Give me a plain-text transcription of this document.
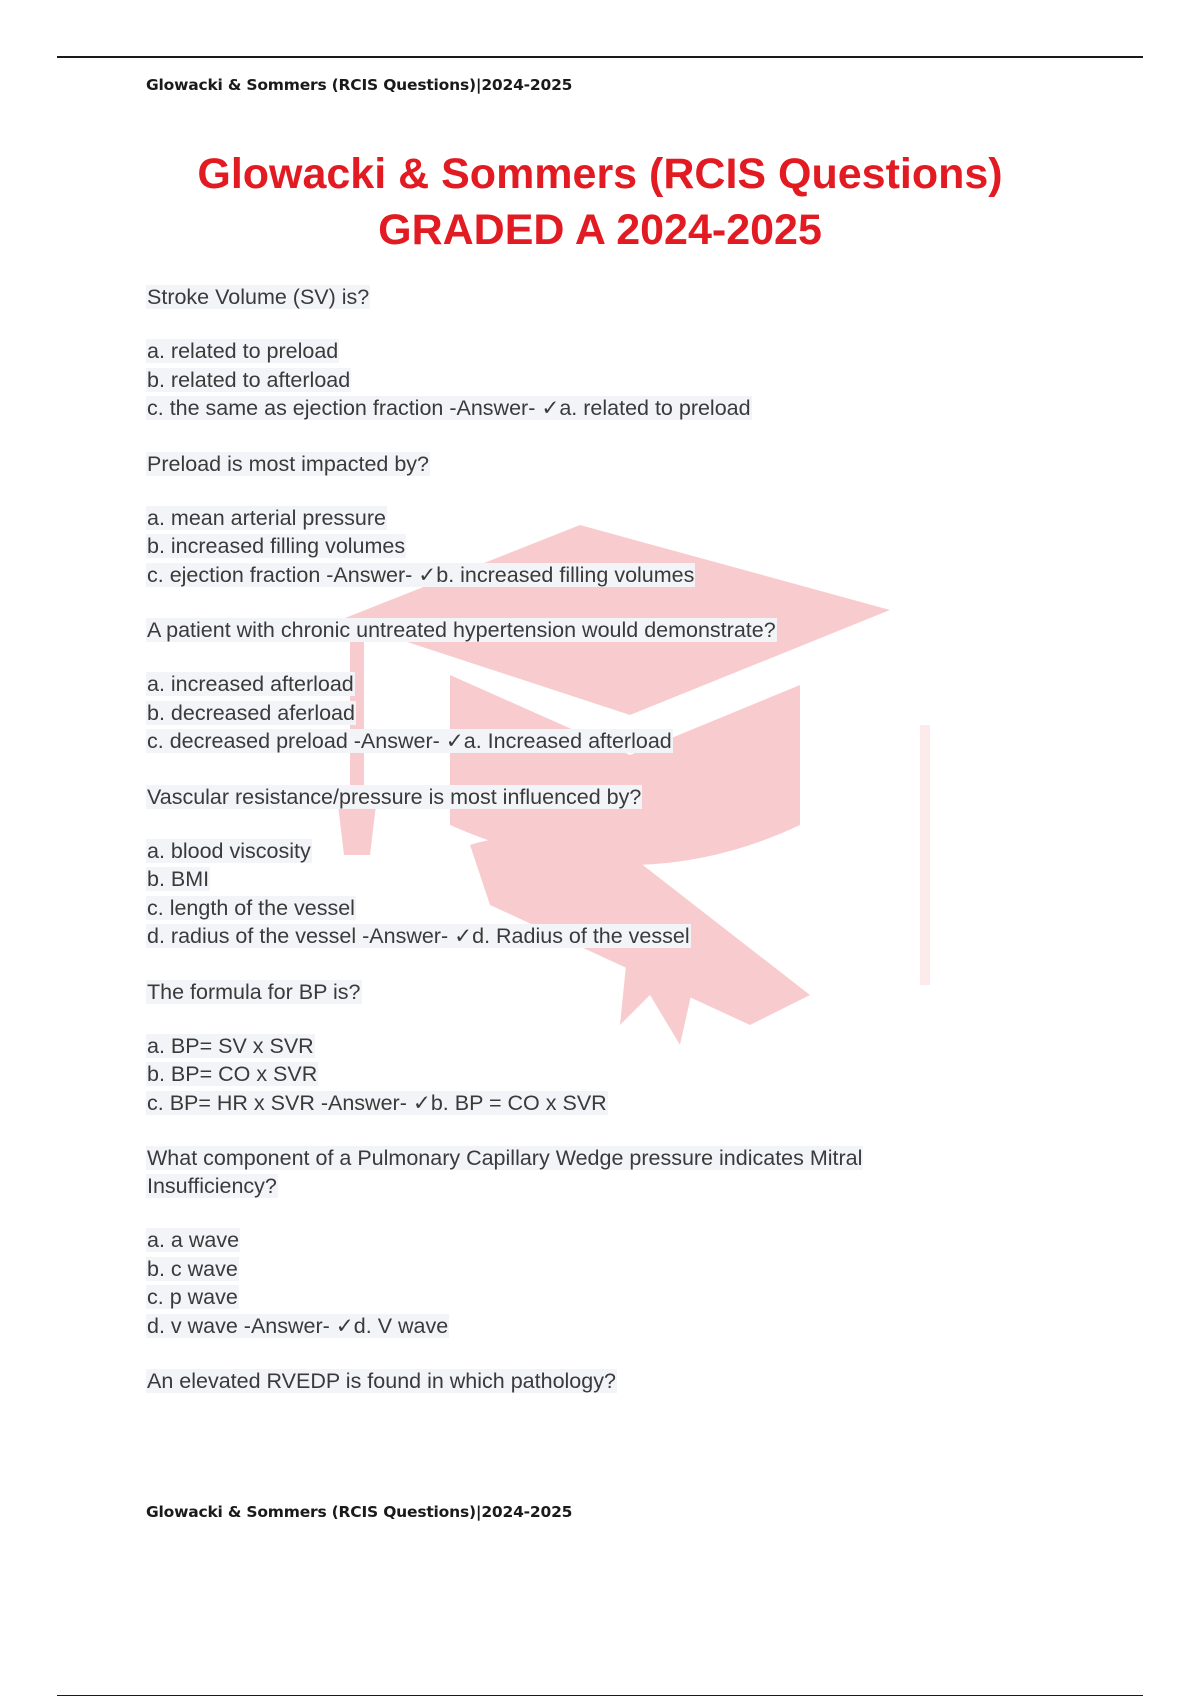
Glowacki & Sommers (RCIS Questions)|2024-2025
Glowacki & Sommers (RCIS Questions)
GRADED A 2024-2025
Stroke Volume (SV) is?
a. related to preload
b. related to afterload
c. the same as ejection fraction -Answer- ✓a. related to preload
Preload is most impacted by?
a. mean arterial pressure
b. increased filling volumes
c. ejection fraction -Answer- ✓b. increased filling volumes
A patient with chronic untreated hypertension would demonstrate?
a. increased afterload
b. decreased aferload
c. decreased preload -Answer- ✓a. Increased afterload
Vascular resistance/pressure is most influenced by?
a. blood viscosity
b. BMI
c. length of the vessel
d. radius of the vessel -Answer- ✓d. Radius of the vessel
The formula for BP is?
a. BP= SV x SVR
b. BP= CO x SVR
c. BP= HR x SVR -Answer- ✓b. BP = CO x SVR
What component of a Pulmonary Capillary Wedge pressure indicates Mitral
Insufficiency?
a. a wave
b. c wave
c. p wave
d. v wave -Answer- ✓d. V wave
An elevated RVEDP is found in which pathology?
Glowacki & Sommers (RCIS Questions)|2024-2025
